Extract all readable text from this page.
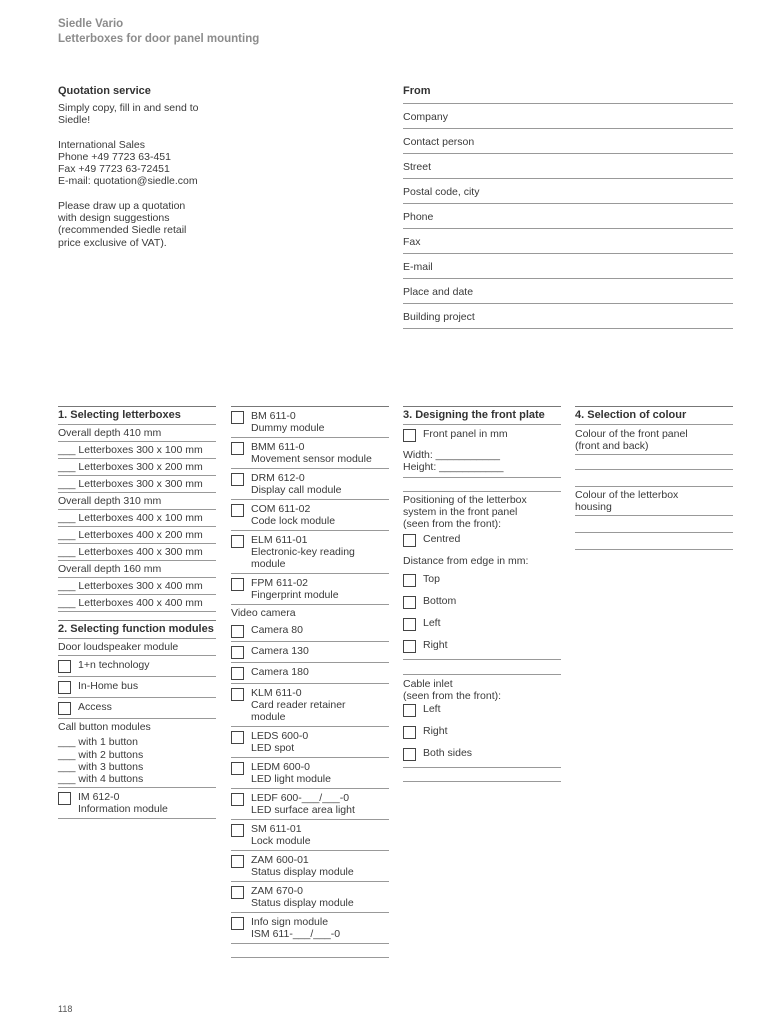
Siedle Vario
Letterboxes for door panel mounting
Quotation service

Simply copy, fill in and send to
Siedle!

International Sales
Phone +49 7723 63-451
Fax +49 7723 63-72451
E-mail: quotation@siedle.com

Please draw up a quotation
with design suggestions
(recommended Siedle retail
price exclusive of VAT).

From
Company
Contact person
Street
Postal code, city
Phone
Fax
E-mail
Place and date
Building project
1. Selecting letterboxes
Overall depth 410 mm
___ Letterboxes 300 x 100 mm
___ Letterboxes 300 x 200 mm
___ Letterboxes 300 x 300 mm
Overall depth 310 mm
___ Letterboxes 400 x 100 mm
___ Letterboxes 400 x 200 mm
___ Letterboxes 400 x 300 mm
Overall depth 160 mm
___ Letterboxes 300 x 400 mm
___ Letterboxes 400 x 400 mm
2. Selecting function modules
Door loudspeaker module
1+n technology
In-Home bus
Access
Call button modules
___ with 1 button
___ with 2 buttons
___ with 3 buttons
___ with 4 buttons
IM 612-0
Information module
BM 611-0
Dummy module
BMM 611-0
Movement sensor module
DRM 612-0
Display call module
COM 611-02
Code lock module
ELM 611-01
Electronic-key reading
module
FPM 611-02
Fingerprint module
Video camera
Camera 80
Camera 130
Camera 180
KLM 611-0
Card reader retainer
module
LEDS 600-0
LED spot
LEDM 600-0
LED light module
LEDF 600-___/___-0
LED surface area light
SM 611-01
Lock module
ZAM 600-01
Status display module
ZAM 670-0
Status display module
Info sign module
ISM 611-___/___-0
3. Designing the front plate
Front panel in mm
Width: ___________
Height: ___________
Positioning of the letterbox
system in the front panel
(seen from the front):
Centred
Distance from edge in mm:
Top
Bottom
Left
Right
Cable inlet
(seen from the front):
Left
Right
Both sides
4. Selection of colour
Colour of the front panel
(front and back)
Colour of the letterbox
housing
118
